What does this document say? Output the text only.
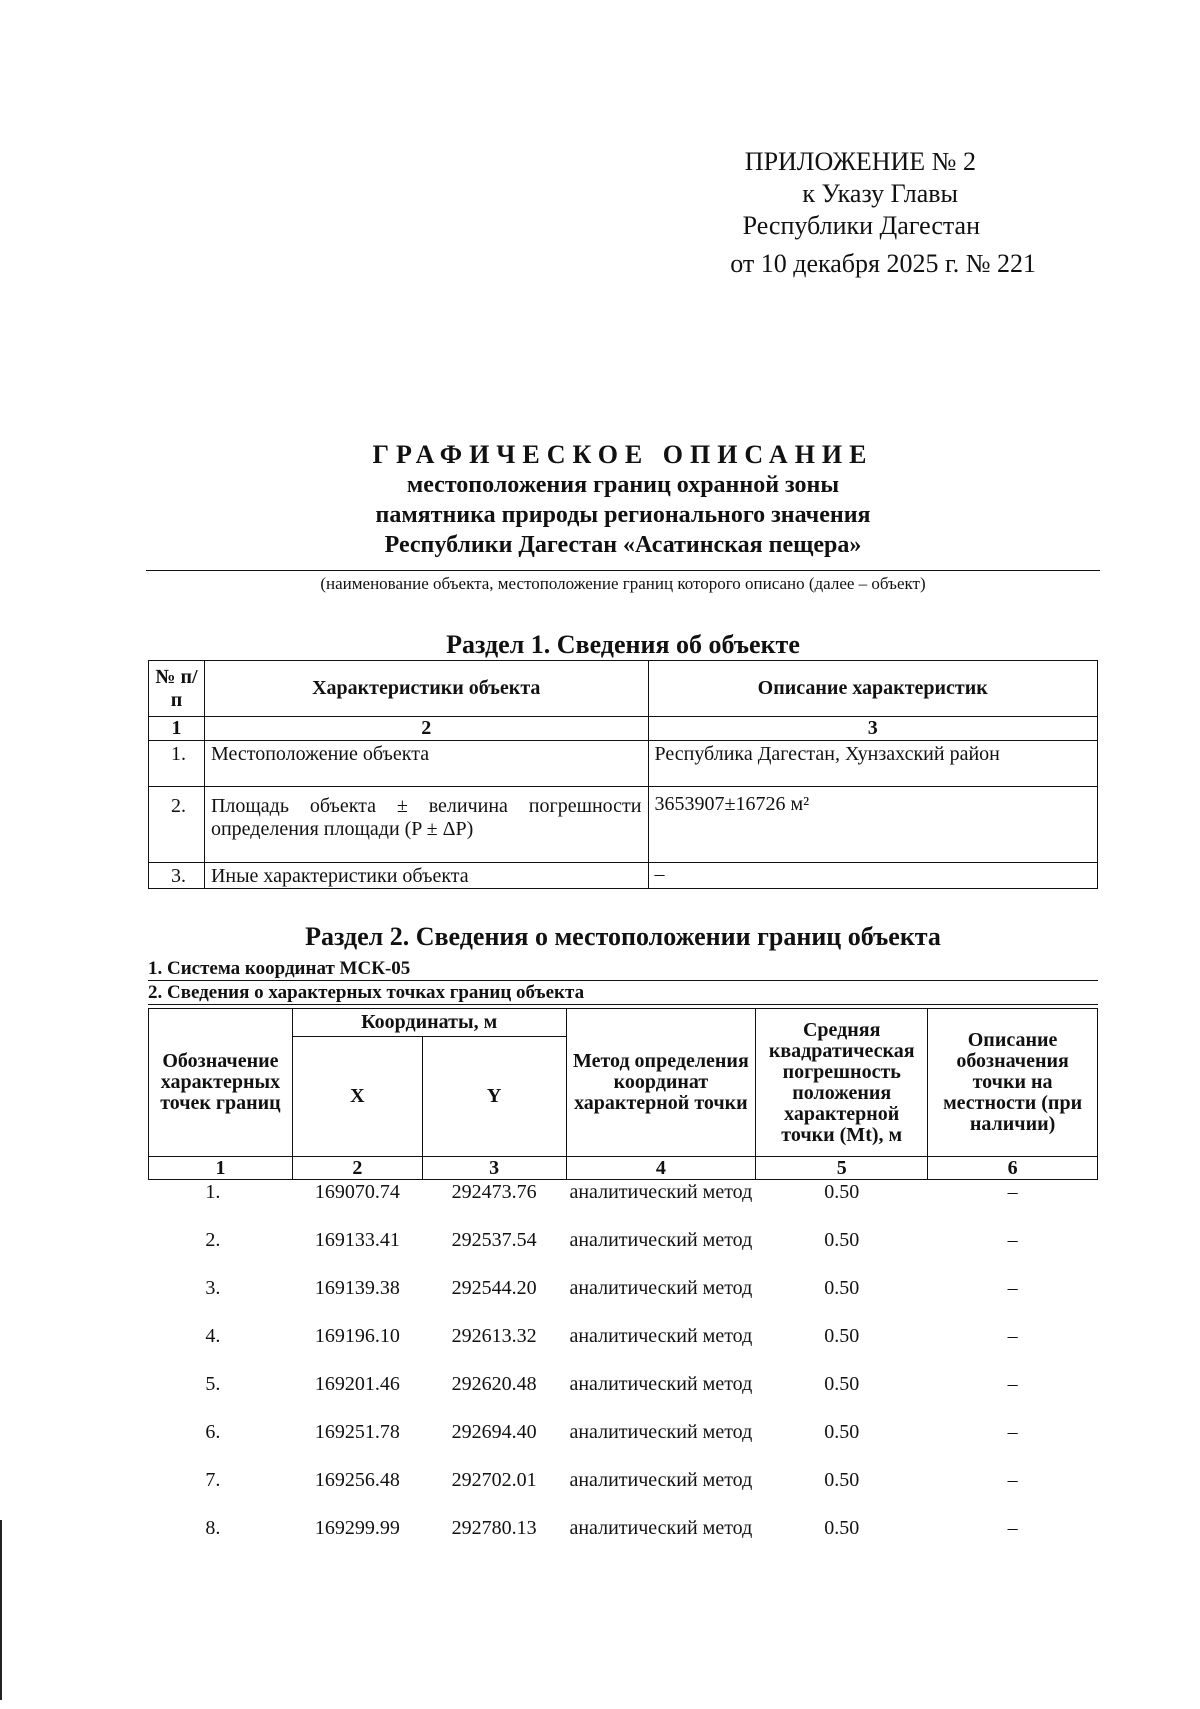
ПРИЛОЖЕНИЕ № 2
к Указу Главы
Республики Дагестан
от 10 декабря 2025 г. № 221
ГРАФИЧЕСКОЕ ОПИСАНИЕ
местоположения границ охранной зоны
памятника природы регионального значения
Республики Дагестан «Асатинская пещера»
(наименование объекта, местоположение границ которого описано (далее – объект)
Раздел 1. Сведения об объекте
№ п/п	Характеристики объекта	Описание характеристик
1	2	3
1.	Местоположение объекта	Республика Дагестан, Хунзахский район
2.	Площадь объекта ± величина погрешности определения площади (P ± ΔP)	3653907±16726 м²
3.	Иные характеристики объекта	–
Раздел 2. Сведения о местоположении границ объекта
1. Система координат МСК-05
2. Сведения о характерных точках границ объекта
Обозначение характерных точек границ	Координаты, м		Метод определения координат характерной точки	Средняя квадратическая погрешность положения характерной точки (Mt), м	Описание обозначения точки на местности (при наличии)
	X	Y			
1	2	3	4	5	6
1.	169070.74	292473.76	аналитический метод	0.50	–
2.	169133.41	292537.54	аналитический метод	0.50	–
3.	169139.38	292544.20	аналитический метод	0.50	–
4.	169196.10	292613.32	аналитический метод	0.50	–
5.	169201.46	292620.48	аналитический метод	0.50	–
6.	169251.78	292694.40	аналитический метод	0.50	–
7.	169256.48	292702.01	аналитический метод	0.50	–
8.	169299.99	292780.13	аналитический метод	0.50	–
